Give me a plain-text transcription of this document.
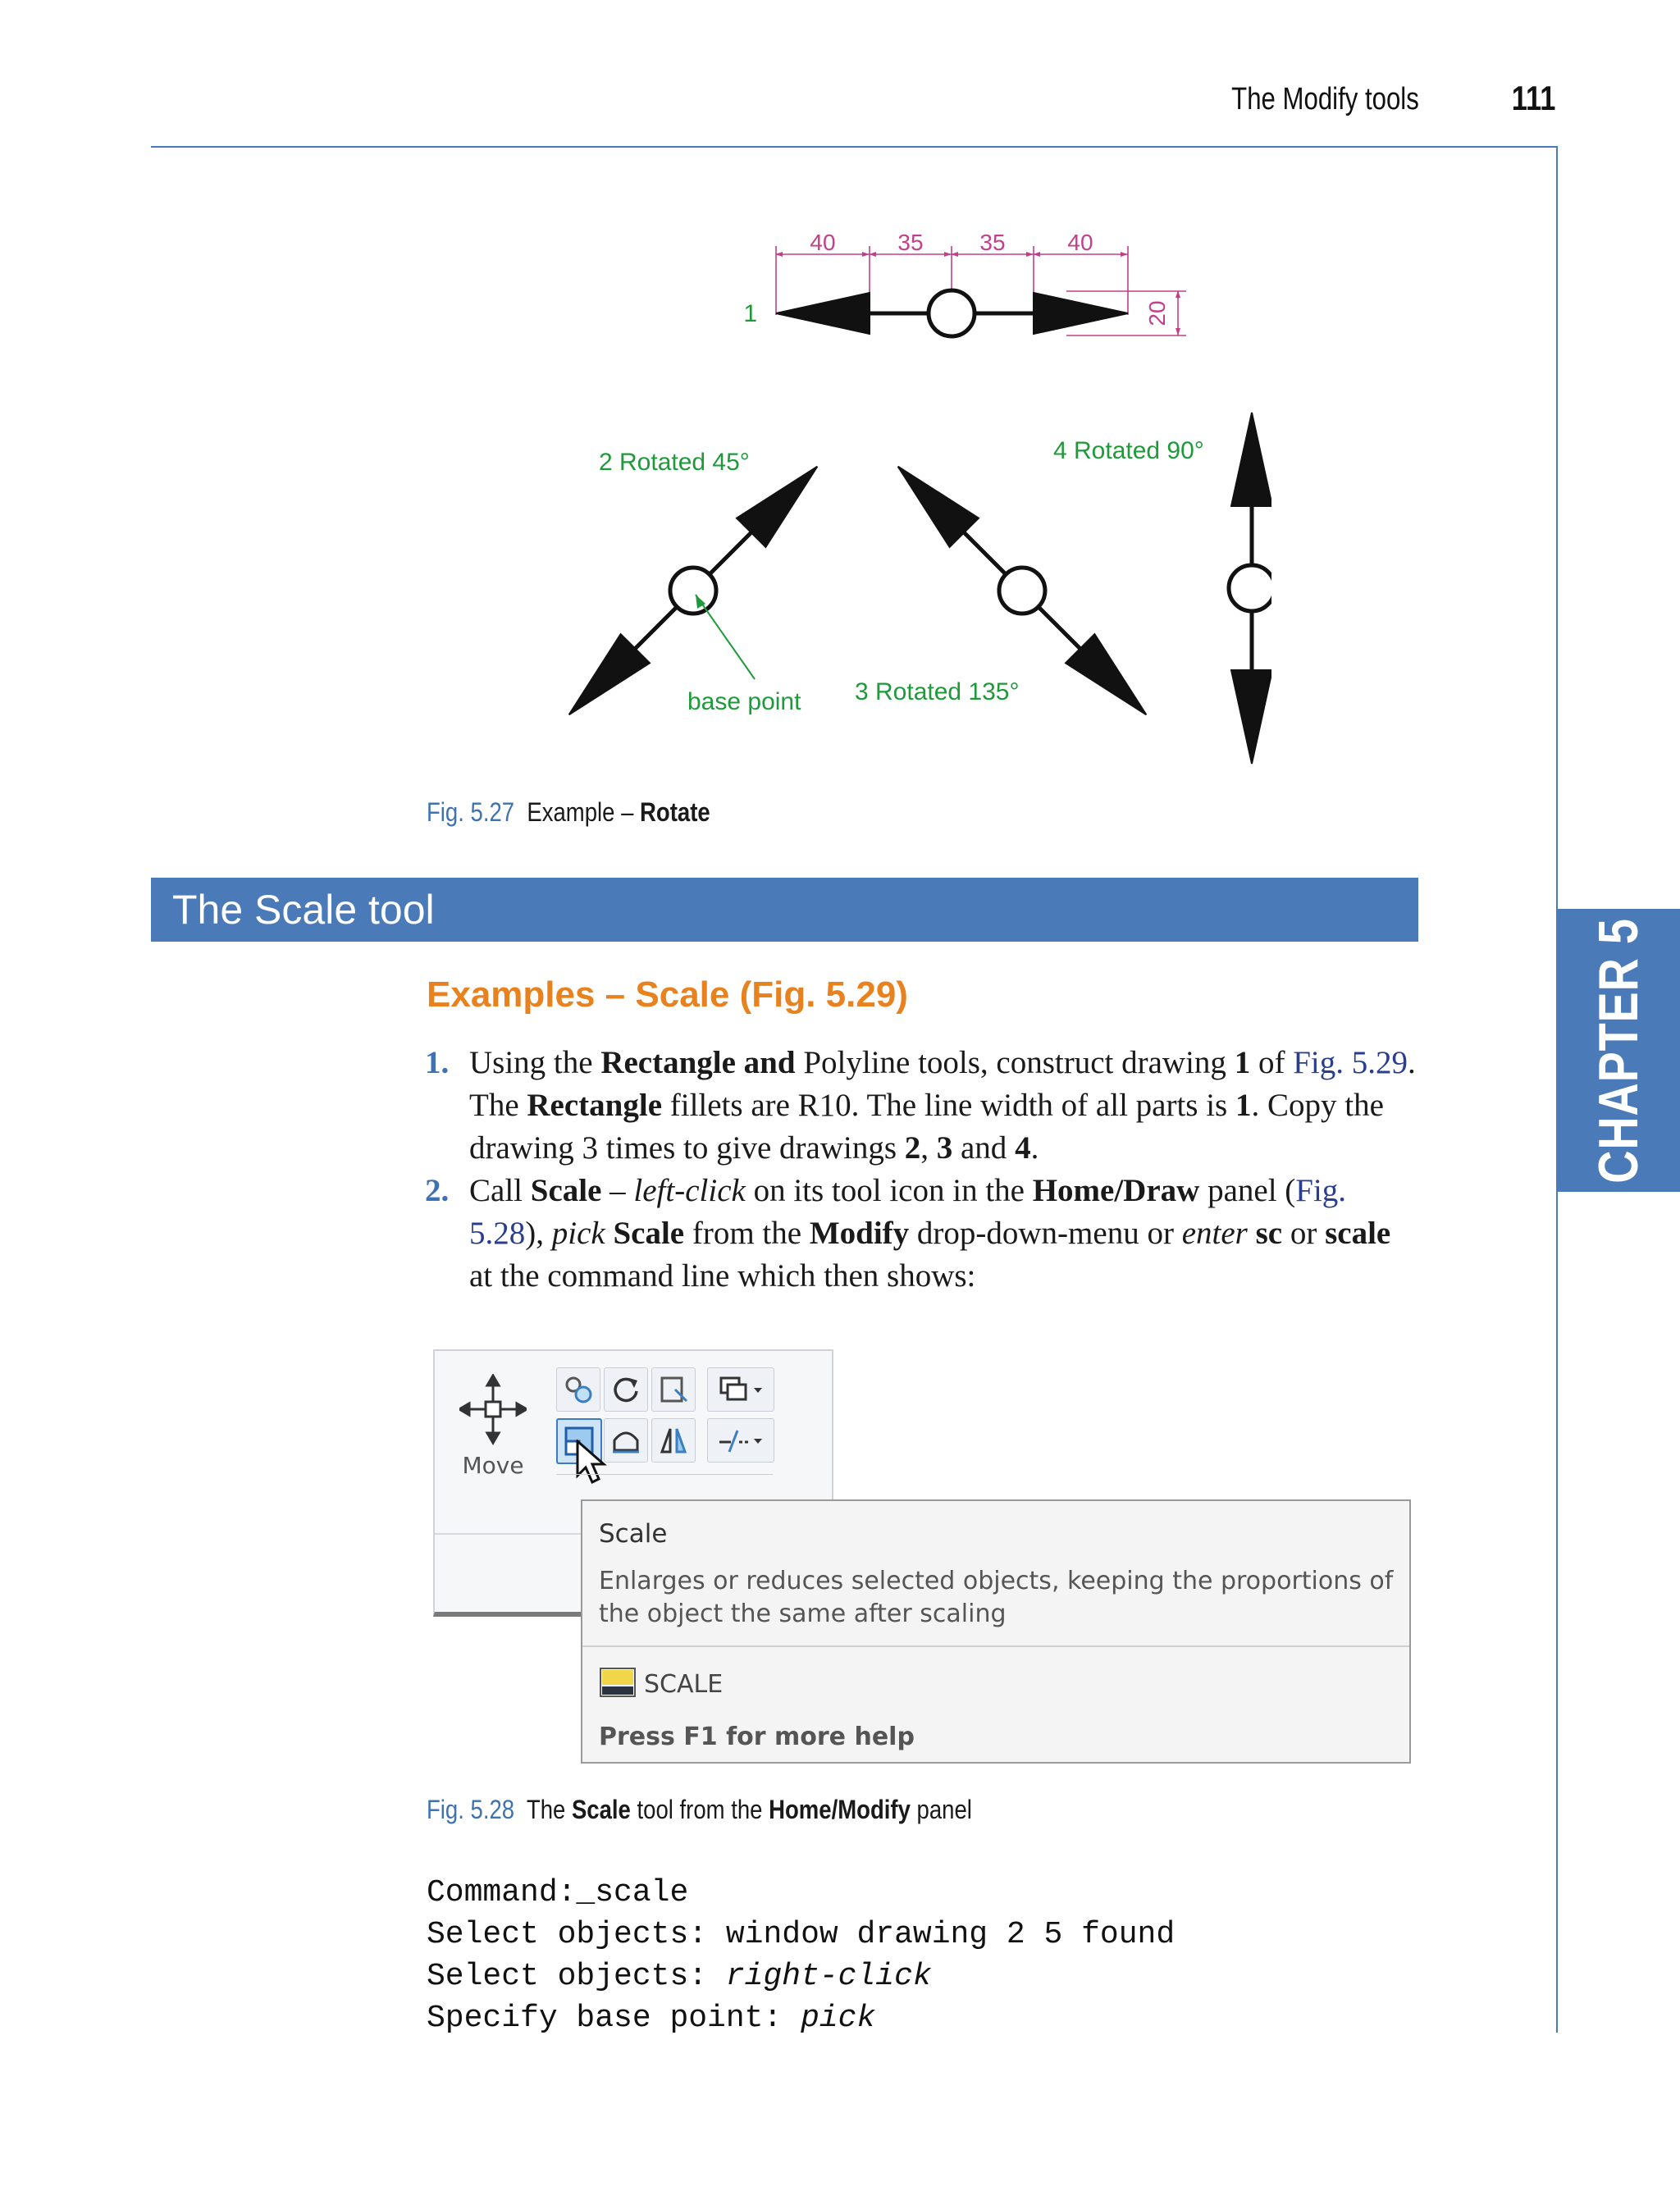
The Modify tools	111
CHAPTER 5
40	35 35	40
20
1
2 Rotated 45°	4 Rotated 90°
base point 3 Rotated 135°
Fig. 5.27 Example – Rotate
The Scale tool
Examples – Scale (Fig. 5.29)
1. Using the Rectangle and Polyline tools, construct drawing 1 of Fig. 5.29. The Rectangle fillets are R10. The line width of all parts is 1. Copy the drawing 3 times to give drawings 2, 3 and 4.
2. Call Scale – left-click on its tool icon in the Home/Draw panel (Fig. 5.28), pick Scale from the Modify drop-down-menu or enter sc or scale at the command line which then shows:
Move
Scale
Enlarges or reduces selected objects, keeping the proportions of the object the same after scaling
SCALE
Press F1 for more help
Fig. 5.28 The Scale tool from the Home/Modify panel
Command:_scale
Select objects: window drawing 2 5 found
Select objects: right-click
Specify base point: pick
